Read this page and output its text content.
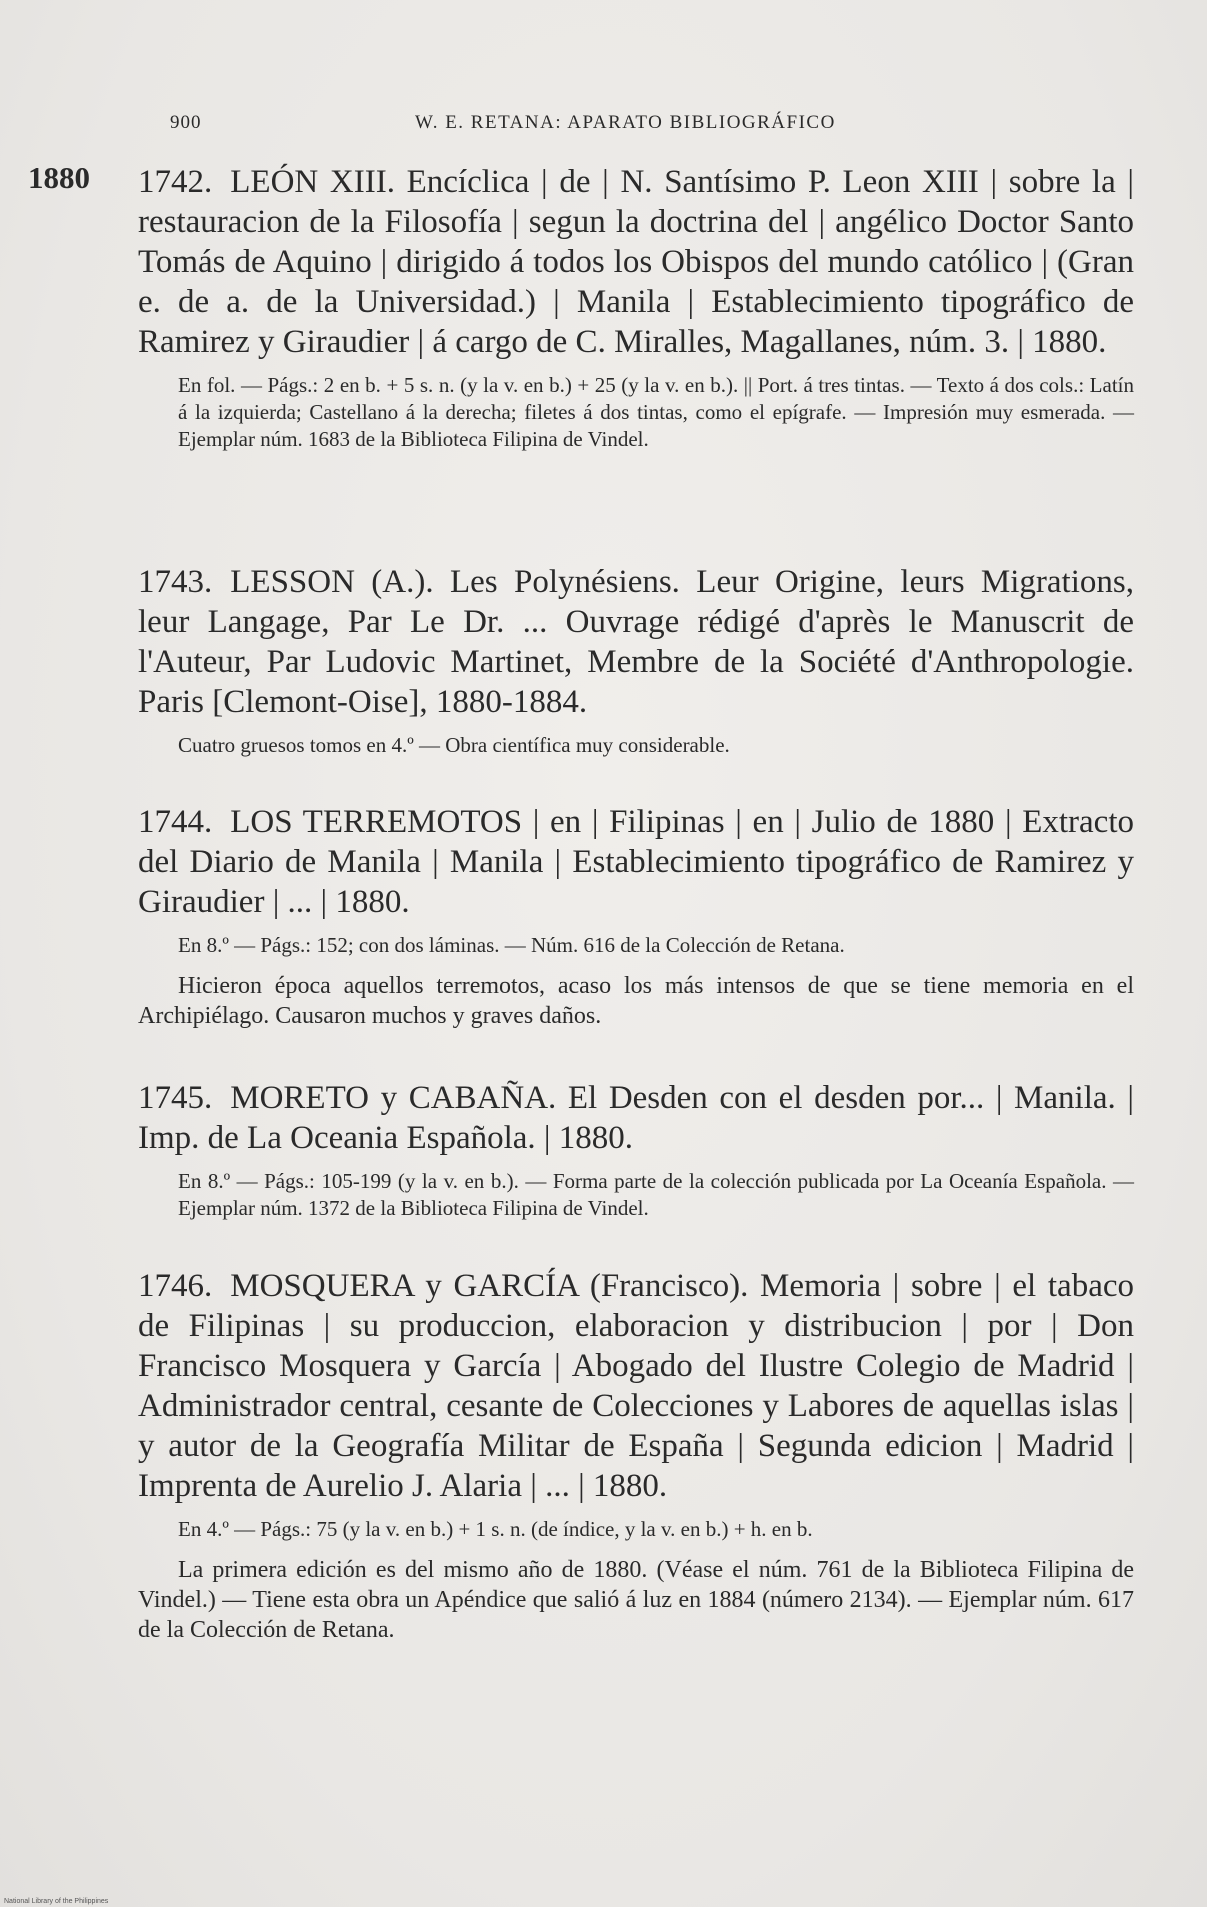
900	W. E. RETANA: APARATO BIBLIOGRÁFICO
1880 1742. LEÓN XIII. Encíclica | de | N. Santísimo P. Leon XIII | sobre la | restauracion de la Filosofía | segun la doctrina del | angélico Doctor Santo Tomás de Aquino | dirigido á todos los Obispos del mundo católico | (Gran e. de a. de la Universidad.) | Manila | Establecimiento tipográfico de Ramirez y Giraudier | á cargo de C. Miralles, Magallanes, núm. 3. | 1880.

En fol. — Págs.: 2 en b. + 5 s. n. (y la v. en b.) + 25 (y la v. en b.). || Port. á tres tintas. — Texto á dos cols.: Latín á la izquierda; Castellano á la derecha; filetes á dos tintas, como el epígrafe. — Impresión muy esmerada. — Ejemplar núm. 1683 de la Biblioteca Filipina de Vindel.

1743. LESSON (A.). Les Polynésiens. Leur Origine, leurs Migrations, leur Langage, Par Le Dr. ... Ouvrage rédigé d'après le Manuscrit de l'Auteur, Par Ludovic Martinet, Membre de la Société d'Anthropologie. Paris [Clemont-Oise], 1880-1884.

Cuatro gruesos tomos en 4.º — Obra científica muy considerable.

1744. LOS TERREMOTOS | en | Filipinas | en | Julio de 1880 | Extracto del Diario de Manila | Manila | Establecimiento tipográfico de Ramirez y Giraudier | ... | 1880.

En 8.º — Págs.: 152; con dos láminas. — Núm. 616 de la Colección de Retana.

Hicieron época aquellos terremotos, acaso los más intensos de que se tiene memoria en el Archipiélago. Causaron muchos y graves daños.

1745. MORETO y CABAÑA. El Desden con el desden por... | Manila. | Imp. de La Oceania Española. | 1880.

En 8.º — Págs.: 105-199 (y la v. en b.). — Forma parte de la colección publicada por La Oceanía Española. — Ejemplar núm. 1372 de la Biblioteca Filipina de Vindel.

1746. MOSQUERA y GARCÍA (Francisco). Memoria | sobre | el tabaco de Filipinas | su produccion, elaboracion y distribucion | por | Don Francisco Mosquera y García | Abogado del Ilustre Colegio de Madrid | Administrador central, cesante de Colecciones y Labores de aquellas islas | y autor de la Geografía Militar de España | Segunda edicion | Madrid | Imprenta de Aurelio J. Alaria | ... | 1880.

En 4.º — Págs.: 75 (y la v. en b.) + 1 s. n. (de índice, y la v. en b.) + h. en b.

La primera edición es del mismo año de 1880. (Véase el núm. 761 de la Biblioteca Filipina de Vindel.) — Tiene esta obra un Apéndice que salió á luz en 1884 (número 2134). — Ejemplar núm. 617 de la Colección de Retana.

National Library of the Philippines
